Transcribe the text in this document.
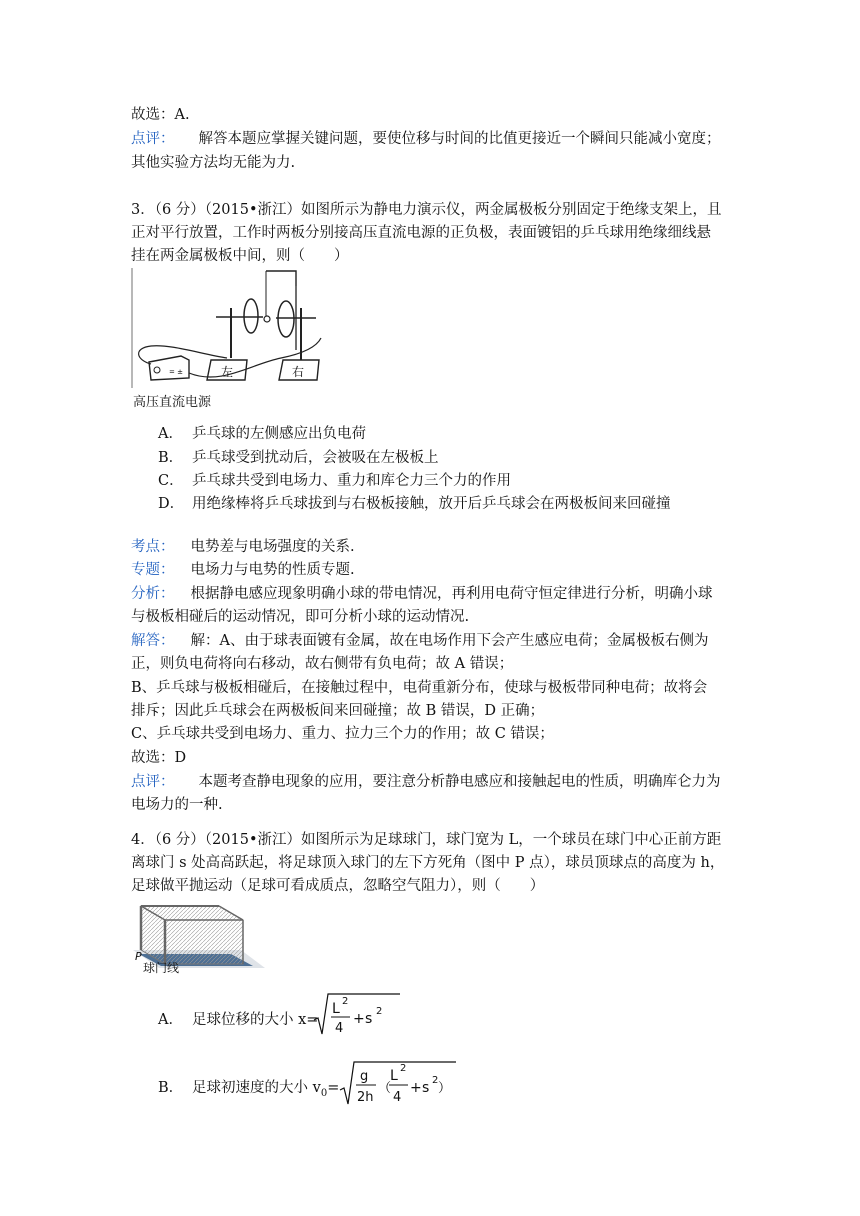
故选：A.
点评： 解答本题应掌握关键问题，要使位移与时间的比值更接近一个瞬间只能减小宽度；
其他实验方法均无能为力.
3．（6 分）（2015•浙江）如图所示为静电力演示仪，两金属极板分别固定于绝缘支架上，且
正对平行放置，工作时两板分别接高压直流电源的正负极，表面镀铝的乒乓球用绝缘细线悬
挂在两金属极板中间，则（　　）
左	右
= ±
高压直流电源
A． 乒乓球的左侧感应出负电荷
B． 乒乓球受到扰动后，会被吸在左极板上
C． 乒乓球共受到电场力、重力和库仑力三个力的作用
D． 用绝缘棒将乒乓球拔到与右极板接触，放开后乒乓球会在两极板间来回碰撞
考点： 电势差与电场强度的关系.
专题： 电场力与电势的性质专题.
分析： 根据静电感应现象明确小球的带电情况，再利用电荷守恒定律进行分析，明确小球
与极板相碰后的运动情况，即可分析小球的运动情况.
解答： 解：A、由于球表面镀有金属，故在电场作用下会产生感应电荷；金属极板右侧为
正，则负电荷将向右移动，故右侧带有负电荷；故 A 错误；
B、乒乓球与极板相碰后，在接触过程中，电荷重新分布，使球与极板带同种电荷；故将会
排斥；因此乒乓球会在两极板间来回碰撞；故 B 错误，D 正确；
C、乒乓球共受到电场力、重力、拉力三个力的作用；故 C 错误；
故选：D
点评： 本题考查静电现象的应用，要注意分析静电感应和接触起电的性质，明确库仑力为
电场力的一种.
4．（6 分）（2015•浙江）如图所示为足球球门，球门宽为 L，一个球员在球门中心正前方距
离球门 s 处高高跃起，将足球顶入球门的左下方死角（图中 P 点），球员顶球点的高度为 h，
足球做平抛运动（足球可看成质点，忽略空气阻力），则（　　）
P
球门线
A． 足球位移的大小 x=
L 2
4
+ s 2
B． 足球初速度的大小 $v_0=$
g
2h
（
L 2
4
+ s 2
）
